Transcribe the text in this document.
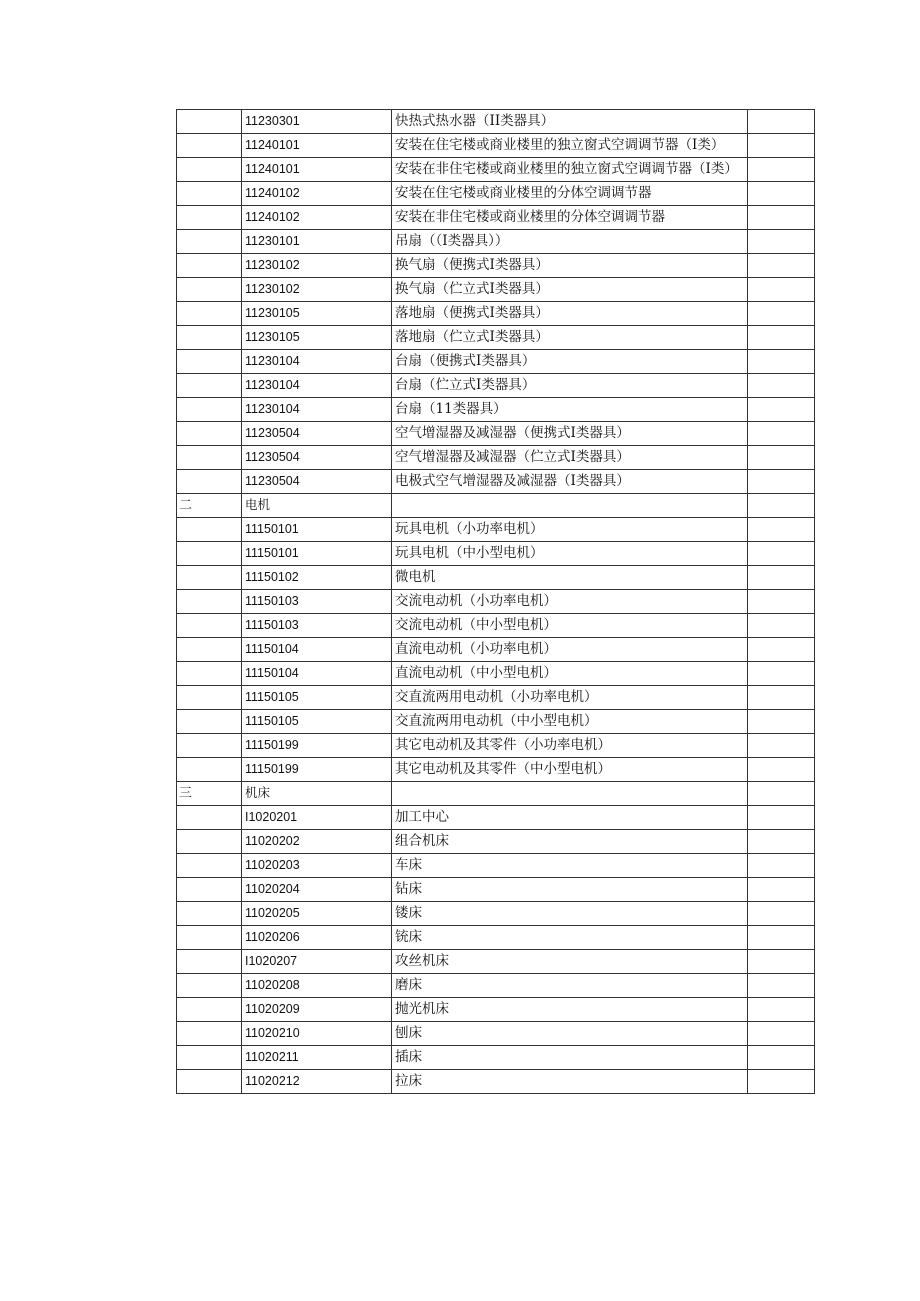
	11230301	快热式热水器（II类器具）	
	11240101	安装在住宅楼或商业楼里的独立窗式空调调节器（I类）	
	11240101	安装在非住宅楼或商业楼里的独立窗式空调调节器（I类）	
	11240102	安装在住宅楼或商业楼里的分体空调调节器	
	11240102	安装在非住宅楼或商业楼里的分体空调调节器	
	11230101	吊扇（（I类器具））	
	11230102	换气扇（便携式I类器具）	
	11230102	换气扇（伫立式I类器具）	
	11230105	落地扇（便携式I类器具）	
	11230105	落地扇（伫立式I类器具）	
	11230104	台扇（便携式I类器具）	
	11230104	台扇（伫立式I类器具）	
	11230104	台扇（11类器具）	
	11230504	空气增湿器及减湿器（便携式I类器具）	
	11230504	空气增湿器及减湿器（伫立式I类器具）	
	11230504	电极式空气增湿器及减湿器（I类器具）	
二	电机		
	11150101	玩具电机（小功率电机）	
	11150101	玩具电机（中小型电机）	
	11150102	微电机	
	11150103	交流电动机（小功率电机）	
	11150103	交流电动机（中小型电机）	
	11150104	直流电动机（小功率电机）	
	11150104	直流电动机（中小型电机）	
	11150105	交直流两用电动机（小功率电机）	
	11150105	交直流两用电动机（中小型电机）	
	11150199	其它电动机及其零件（小功率电机）	
	11150199	其它电动机及其零件（中小型电机）	
三	机床		
	I1020201	加工中心	
	11020202	组合机床	
	11020203	车床	
	11020204	钻床	
	11020205	镂床	
	11020206	铳床	
	I1020207	攻丝机床	
	11020208	磨床	
	11020209	抛光机床	
	11020210	刨床	
	11020211	插床	
	11020212	拉床	
